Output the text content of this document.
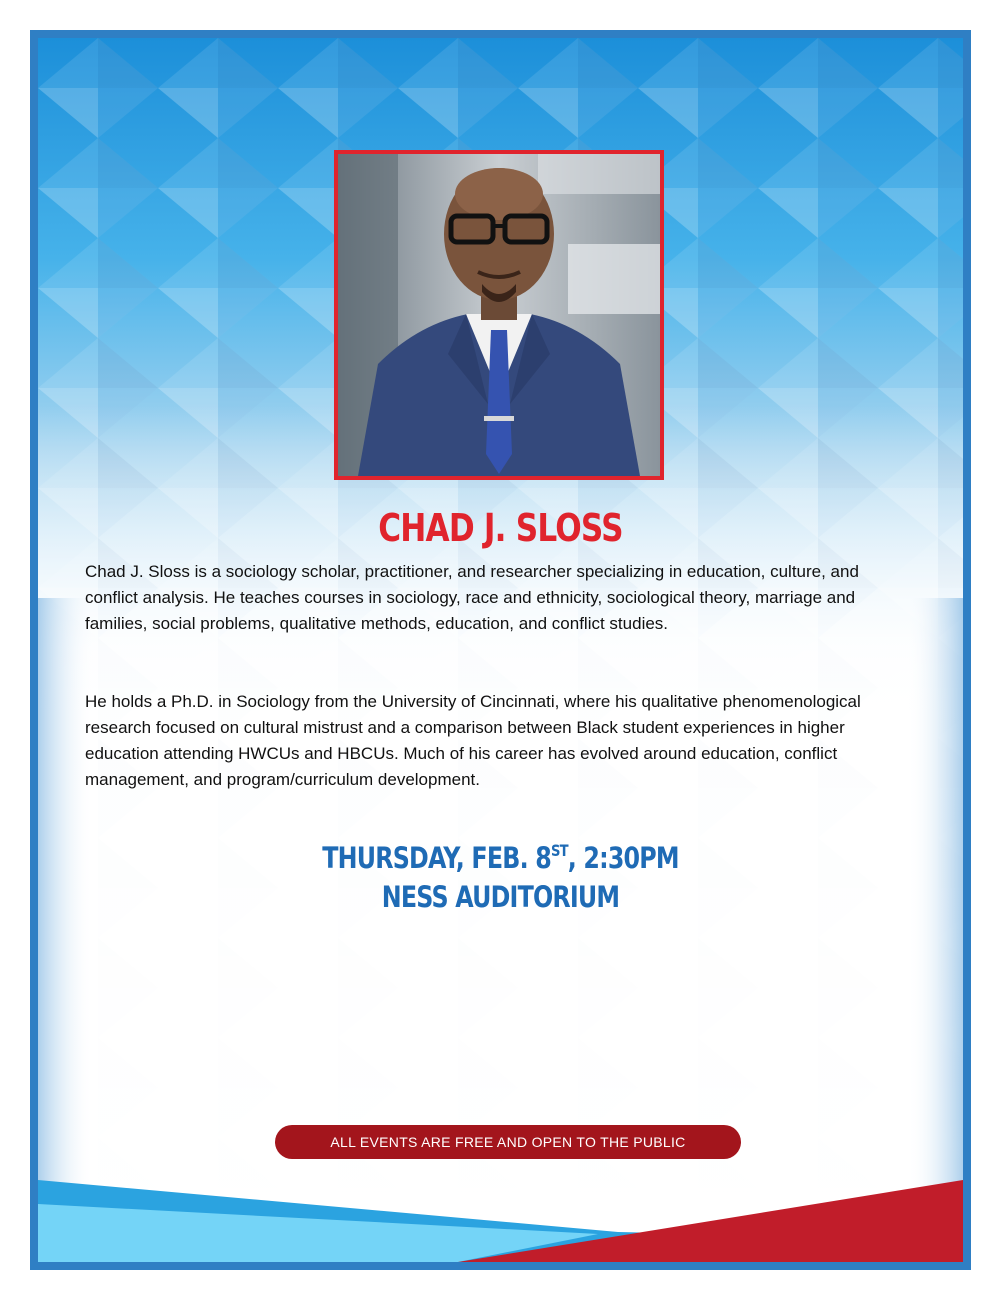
CHAD J. SLOSS

Chad J. Sloss is a sociology scholar, practitioner, and researcher specializing in education, culture, and conflict analysis. He teaches courses in sociology, race and ethnicity, sociological theory, marriage and families, social problems, qualitative methods, education, and conflict studies.

He holds a Ph.D. in Sociology from the University of Cincinnati, where his qualitative phenomenological research focused on cultural mistrust and a comparison between Black student experiences in higher education attending HWCUs and HBCUs. Much of his career has evolved around education, conflict management, and program/curriculum development.

THURSDAY, FEB. 8ST, 2:30PM
NESS AUDITORIUM
ALL EVENTS ARE FREE AND OPEN TO THE PUBLIC
